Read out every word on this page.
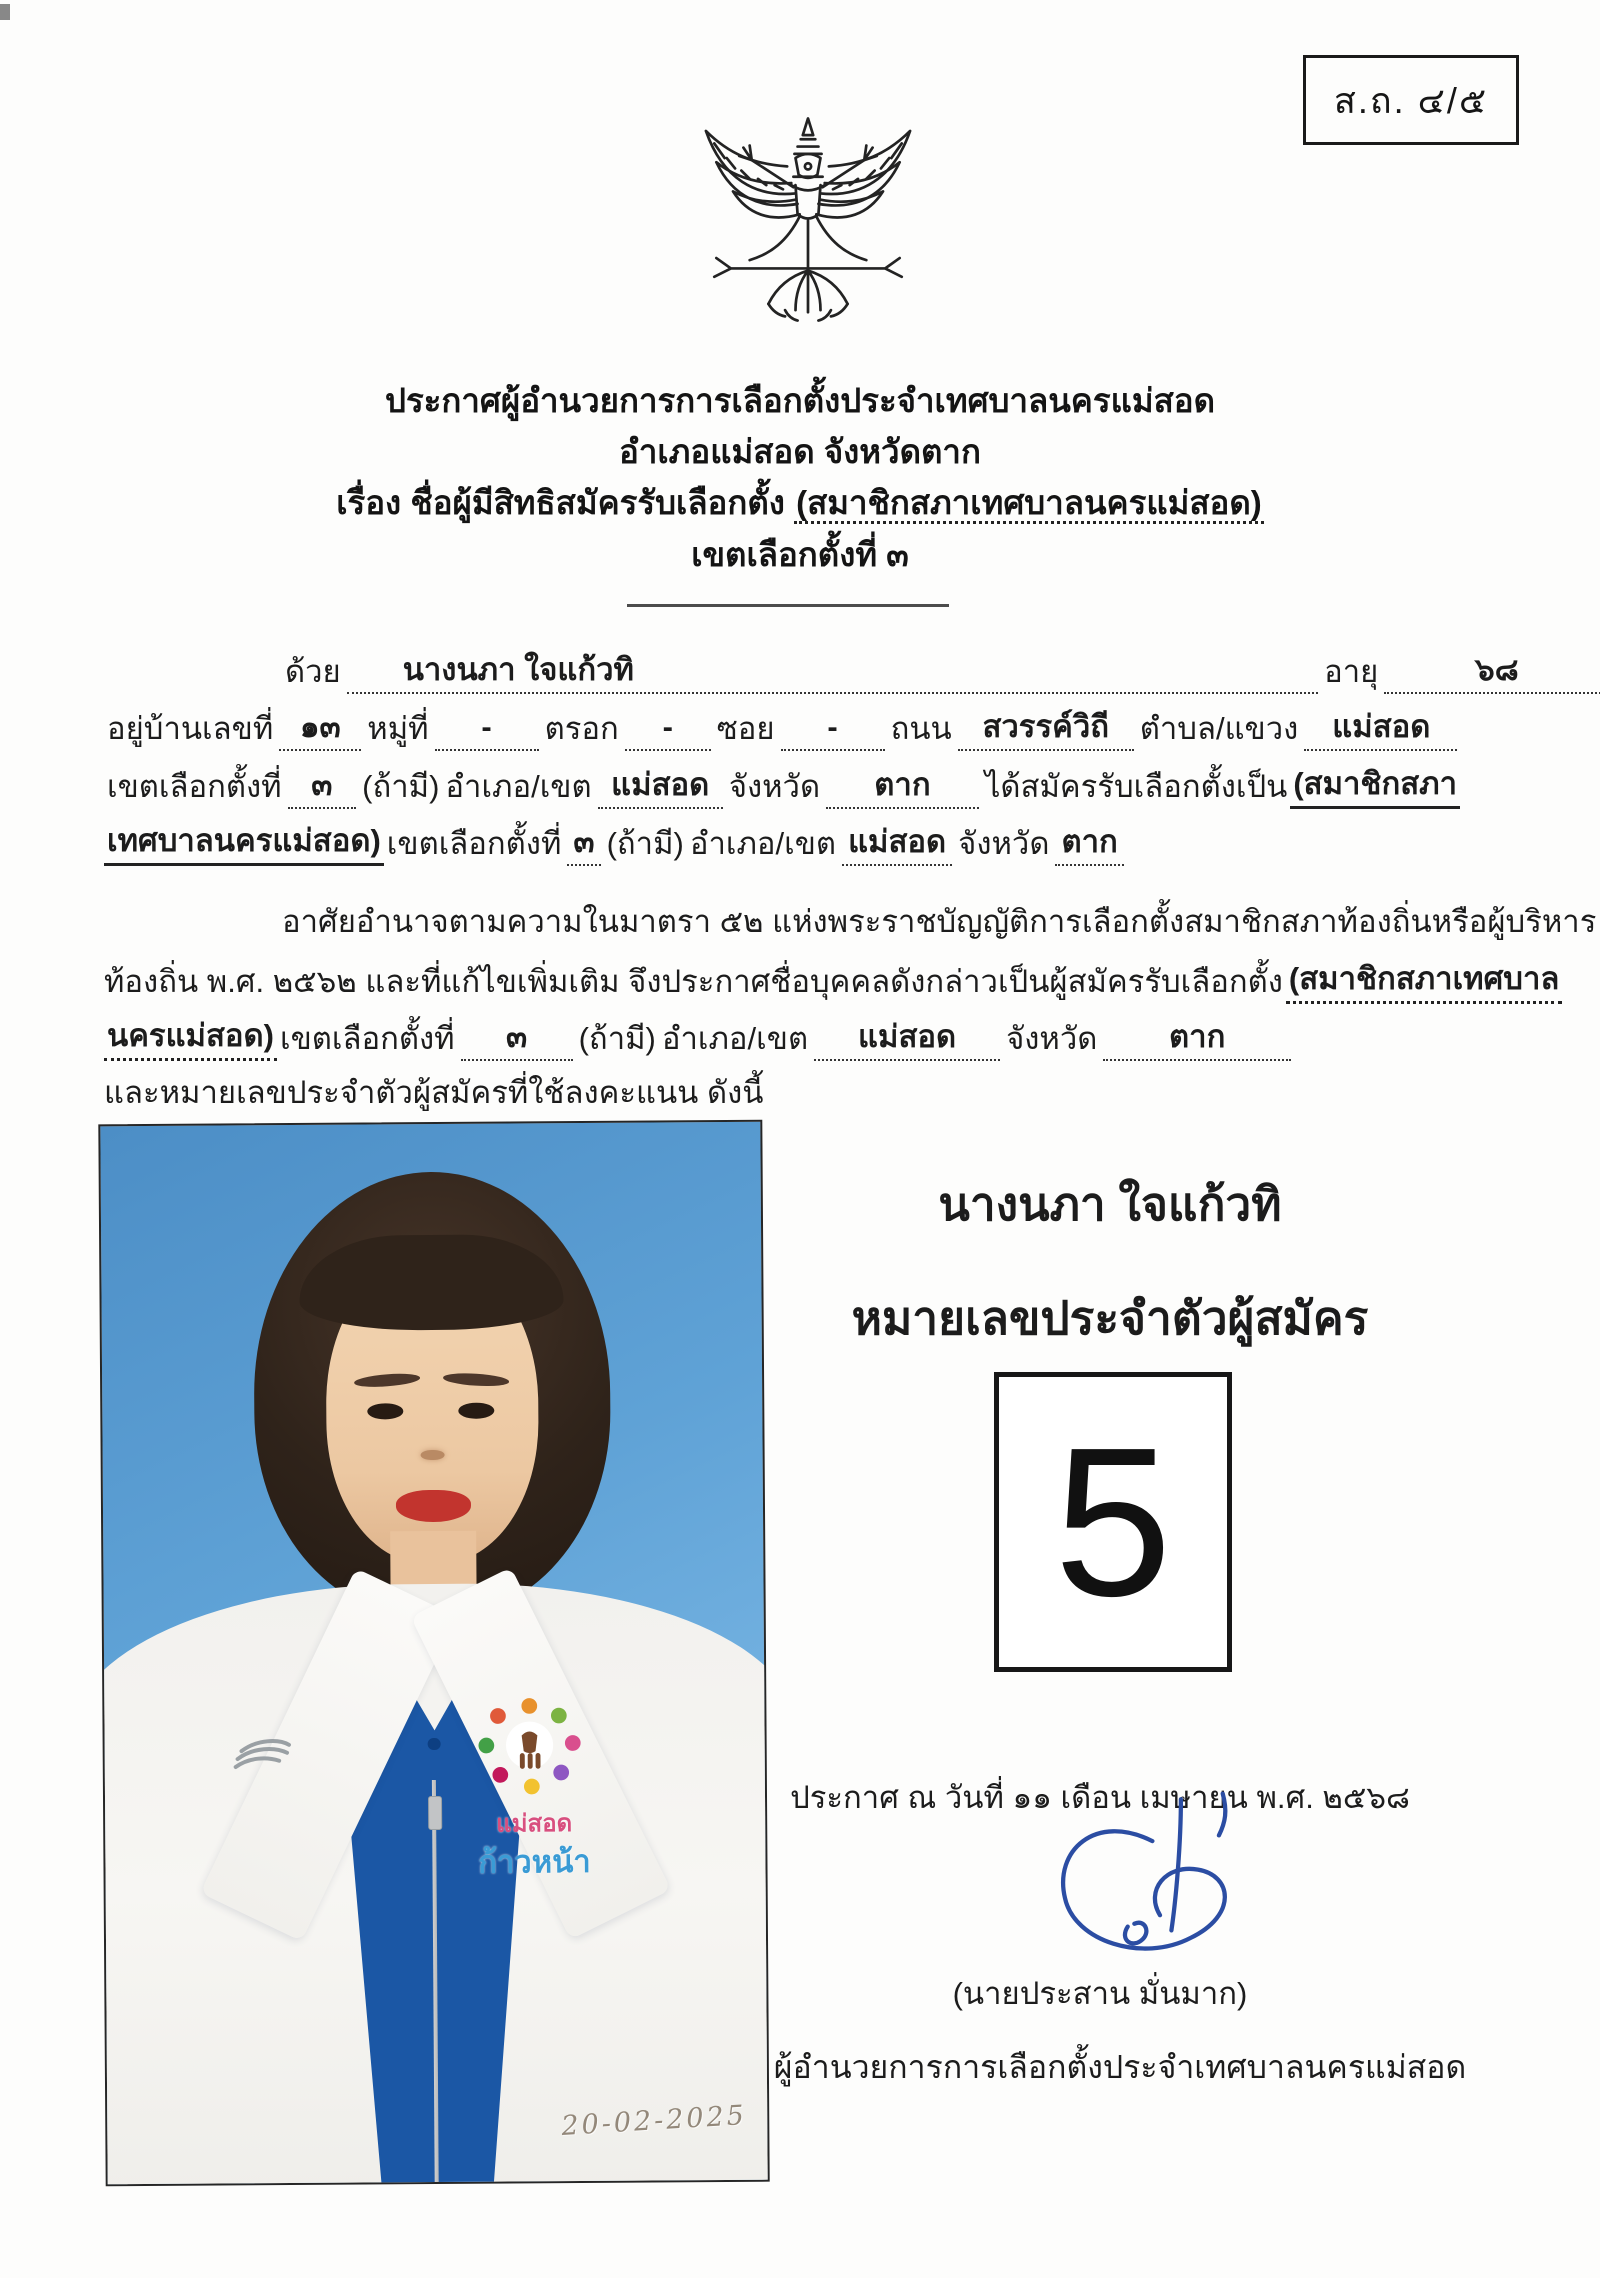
ส.ถ. ๔/๕
ประกาศผู้อำนวยการการเลือกตั้งประจำเทศบาลนครแม่สอด
อำเภอแม่สอด จังหวัดตาก
เรื่อง ชื่อผู้มีสิทธิสมัครรับเลือกตั้ง (สมาชิกสภาเทศบาลนครแม่สอด)
เขตเลือกตั้งที่ ๓
ด้วย	นางนภา ใจแก้วทิ	อายุ	๖๘
อยู่บ้านเลขที่ ๑๓ หมู่ที่ - ตรอก - ซอย - ถนน สวรรค์วิถี ตำบล/แขวง	แม่สอด
เขตเลือกตั้งที่ ๓ (ถ้ามี) อำเภอ/เขต แม่สอด จังหวัด ตาก ได้สมัครรับเลือกตั้งเป็น (สมาชิกสภา
เทศบาลนครแม่สอด) เขตเลือกตั้งที่ ๓ (ถ้ามี) อำเภอ/เขต แม่สอด จังหวัด ตาก
อาศัยอำนาจตามความในมาตรา ๕๒ แห่งพระราชบัญญัติการเลือกตั้งสมาชิกสภาท้องถิ่นหรือผู้บริหาร
ท้องถิ่น พ.ศ. ๒๕๖๒ และที่แก้ไขเพิ่มเติม จึงประกาศชื่อบุคคลดังกล่าวเป็นผู้สมัครรับเลือกตั้ง (สมาชิกสภาเทศบาล
นครแม่สอด) เขตเลือกตั้งที่ ๓ (ถ้ามี) อำเภอ/เขต แม่สอด จังหวัด ตาก
และหมายเลขประจำตัวผู้สมัครที่ใช้ลงคะแนน ดังนี้
แม่สอด
ก้าวหน้า
20-02-2025
นางนภา ใจแก้วทิ
หมายเลขประจำตัวผู้สมัคร
5
ประกาศ ณ วันที่ ๑๑ เดือน เมษายน พ.ศ. ๒๕๖๘
(นายประสาน มั่นมาก)
ผู้อำนวยการการเลือกตั้งประจำเทศบาลนครแม่สอด
